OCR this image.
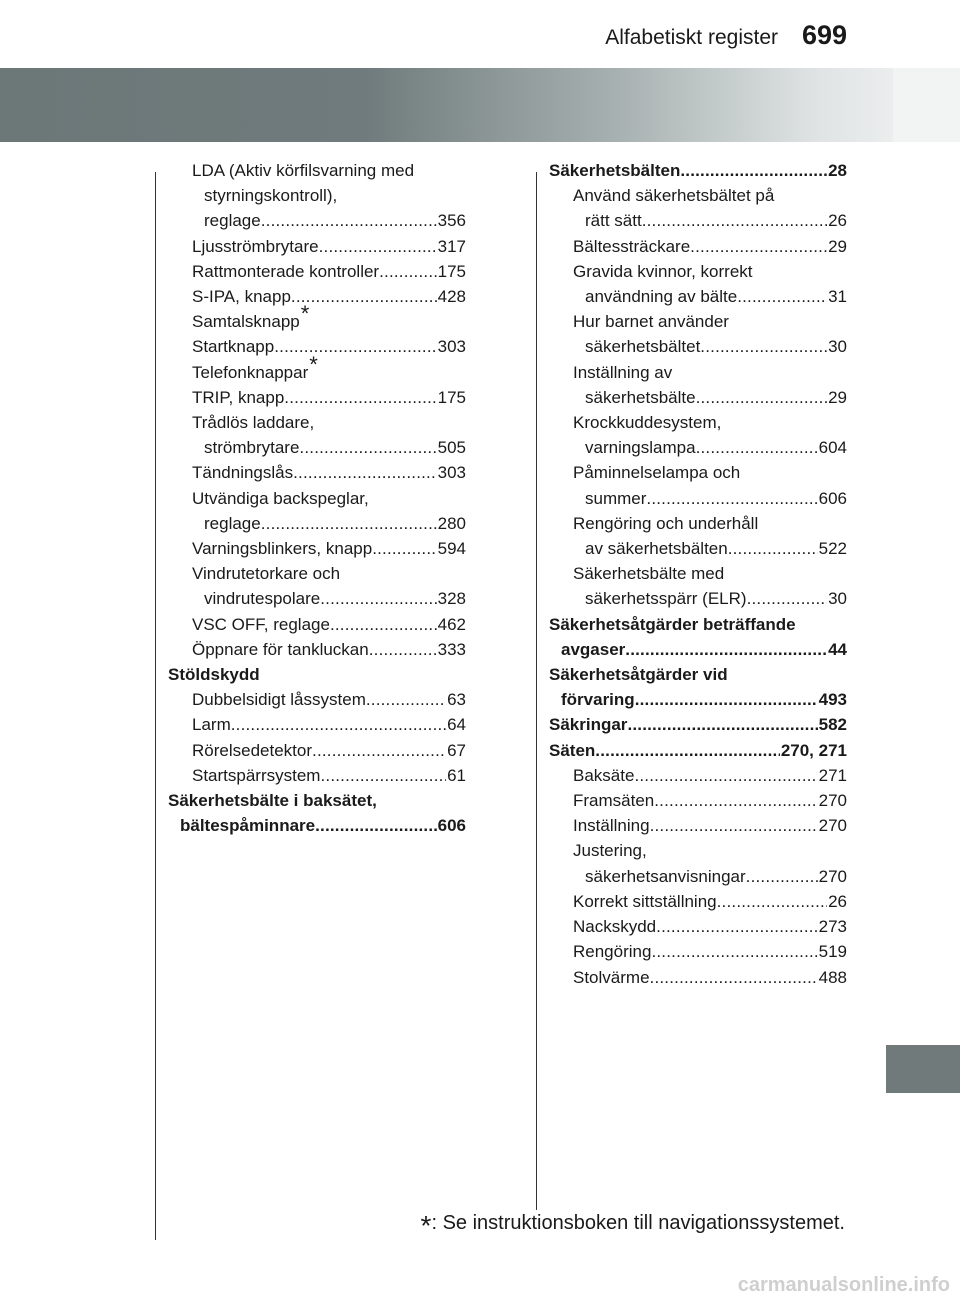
Alfabetiskt register 699
LDA (Aktiv körfilsvarning med
styrningskontroll),
reglage .....	356
Ljusströmbrytare .....	317
Rattmonterade kontroller .....	175
S-IPA, knapp .....	428
Samtalsknapp*
Startknapp .....	303
Telefonknappar*
TRIP, knapp .....	175
Trådlös laddare,
strömbrytare .....	505
Tändningslås .....	303
Utvändiga backspeglar,
reglage .....	280
Varningsblinkers, knapp .....	594
Vindrutetorkare och
vindrutespolare .....	328
VSC OFF, reglage .....	462
Öppnare för tankluckan .....	333
Stöldskydd
Dubbelsidigt låssystem .....	63
Larm .....	64
Rörelsedetektor .....	67
Startspärrsystem .....	61
Säkerhetsbälte i baksätet,
bältespåminnare .....	606
Säkerhetsbälten .....	28
Använd säkerhetsbältet på
rätt sätt .....	26
Bältessträckare .....	29
Gravida kvinnor, korrekt
användning av bälte .....	31
Hur barnet använder
säkerhetsbältet .....	30
Inställning av
säkerhetsbälte .....	29
Krockkuddesystem,
varningslampa .....	604
Påminnelselampa och
summer .....	606
Rengöring och underhåll
av säkerhetsbälten .....	522
Säkerhetsbälte med
säkerhetsspärr (ELR) .....	30
Säkerhetsåtgärder beträffande
avgaser .....	44
Säkerhetsåtgärder vid
förvaring .....	493
Säkringar .....	582
Säten .....	270, 271
Baksäte .....	271
Framsäten .....	270
Inställning .....	270
Justering,
säkerhetsanvisningar .....	270
Korrekt sittställning .....	26
Nackskydd .....	273
Rengöring .....	519
Stolvärme .....	488
*: Se instruktionsboken till navigationssystemet.
carmanualsonline.info
